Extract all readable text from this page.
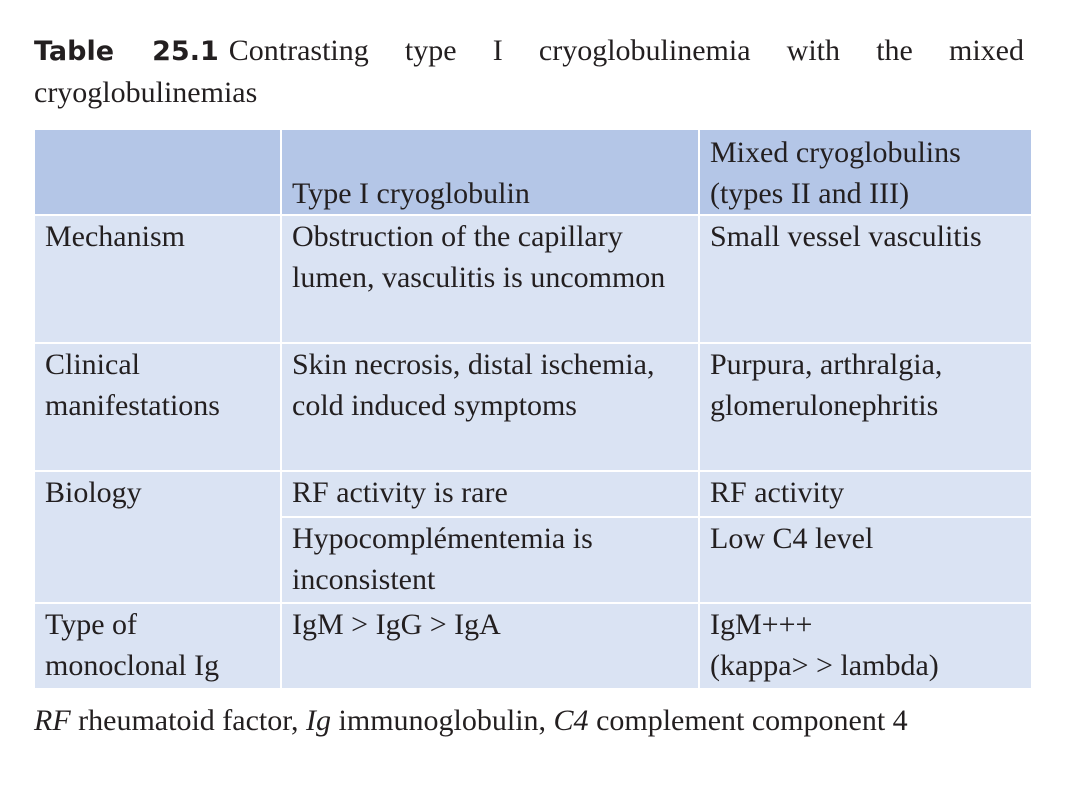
Table 25.1 Contrasting type I cryoglobulinemia with the mixed cryoglobulinemias
	Type I cryoglobulin	Mixed cryoglobulins
(types II and III)
Mechanism	Obstruction of the capillary lumen, vasculitis is uncommon	Small vessel vasculitis
Clinical manifestations	Skin necrosis, distal ischemia, cold induced symptoms	Purpura, arthralgia, glomerulonephritis
Biology	RF activity is rare	RF activity
	Hypocomplémentemia is inconsistent	Low C4 level
Type of monoclonal Ig	IgM > IgG > IgA	IgM+++
(kappa> > lambda)
RF rheumatoid factor, Ig immunoglobulin, C4 complement component 4
